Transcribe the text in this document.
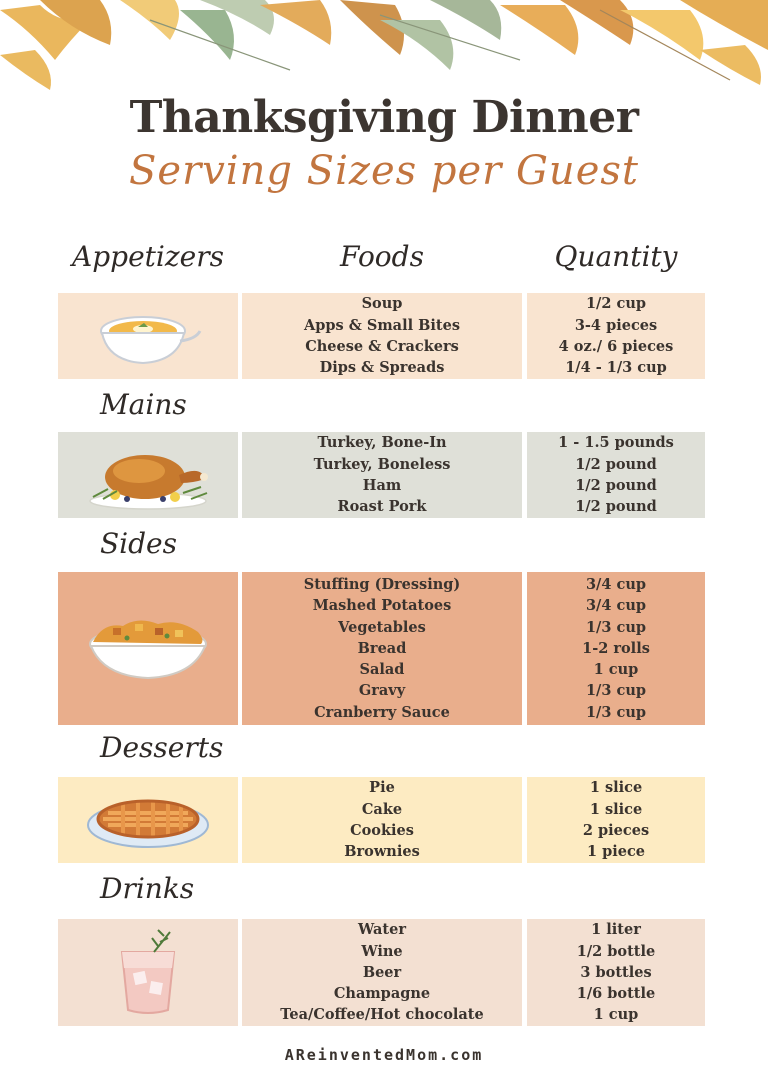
Thanksgiving Dinner
Serving Sizes per Guest
Appetizers	Foods	Quantity
Soup
Apps & Small Bites
Cheese & Crackers
Dips & Spreads
1/2 cup
3-4 pieces
4 oz./ 6 pieces
1/4 - 1/3 cup
Mains
Turkey, Bone-In
Turkey, Boneless
Ham
Roast Pork
1 - 1.5 pounds
1/2 pound
1/2 pound
1/2 pound
Sides
Stuffing (Dressing)
Mashed Potatoes
Vegetables
Bread
Salad
Gravy
Cranberry Sauce
3/4 cup
3/4 cup
1/3 cup
1-2 rolls
1 cup
1/3 cup
1/3 cup
Desserts
Pie
Cake
Cookies
Brownies
1 slice
1 slice
2 pieces
1 piece
Drinks
Water
Wine
Beer
Champagne
Tea/Coffee/Hot chocolate
1 liter
1/2 bottle
3 bottles
1/6 bottle
1 cup
AReinventedMom.com
